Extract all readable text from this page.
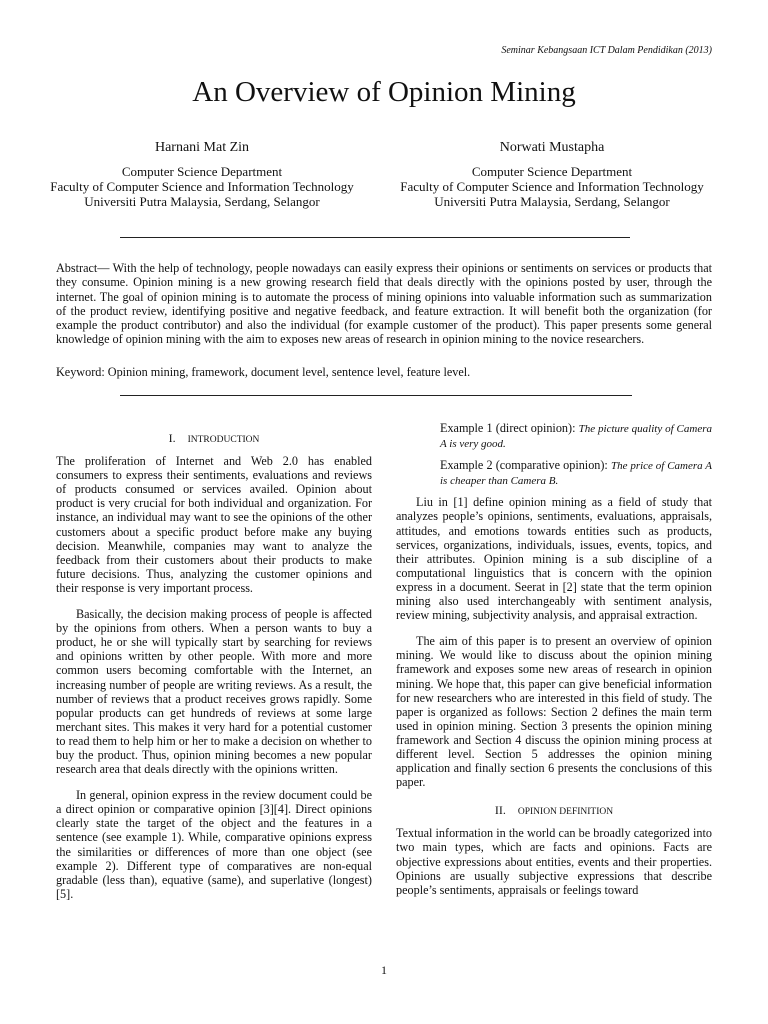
Seminar Kebangsaan ICT Dalam Pendidikan (2013)
An Overview of Opinion Mining
Harnani Mat Zin
Computer Science Department
Faculty of Computer Science and Information Technology
Universiti Putra Malaysia, Serdang, Selangor
Norwati Mustapha
Computer Science Department
Faculty of Computer Science and Information Technology
Universiti Putra Malaysia, Serdang, Selangor
Abstract— With the help of technology, people nowadays can easily express their opinions or sentiments on services or products that they consume. Opinion mining is a new growing research field that deals directly with the opinions posted by user, through the internet. The goal of opinion mining is to automate the process of mining opinions into valuable information such as summarization of the product review, identifying positive and negative feedback, and feature extraction. It will benefit both the organization (for example the product contributor) and also the individual (for example customer of the product). This paper presents some general knowledge of opinion mining with the aim to exposes new areas of research in opinion mining to the novice researchers.
Keyword: Opinion mining, framework, document level, sentence level, feature level.
I. INTRODUCTION

The proliferation of Internet and Web 2.0 has enabled consumers to express their sentiments, evaluations and reviews of products consumed or services availed. Opinion about product is very crucial for both individual and organization. For instance, an individual may want to see the opinions of the other customers about a specific product before make any buying decision. Meanwhile, companies may want to analyze the feedback from their customers about their products to make future decisions. Thus, analyzing the customer opinions and their response is very important process.

Basically, the decision making process of people is affected by the opinions from others. When a person wants to buy a product, he or she will typically start by searching for reviews and opinions written by other people. With more and more common users becoming comfortable with the Internet, an increasing number of people are writing reviews. As a result, the number of reviews that a product receives grows rapidly. Some popular products can get hundreds of reviews at some large merchant sites. This makes it very hard for a potential customer to read them to help him or her to make a decision on whether to buy the product. Thus, opinion mining becomes a new popular research area that deals directly with the opinions written.

In general, opinion express in the review document could be a direct opinion or comparative opinion [3][4]. Direct opinions clearly state the target of the object and the features in a sentence (see example 1). While, comparative opinions express the similarities or differences of more than one object (see example 2). Different type of comparatives are non-equal gradable (less than), equative (same), and superlative (longest) [5].

Example 1 (direct opinion): The picture quality of Camera A is very good.

Example 2 (comparative opinion): The price of Camera A is cheaper than Camera B.

Liu in [1] define opinion mining as a field of study that analyzes people’s opinions, sentiments, evaluations, appraisals, attitudes, and emotions towards entities such as products, services, organizations, individuals, issues, events, topics, and their attributes. Opinion mining is a sub discipline of a computational linguistics that is concern with the opinion express in a document. Seerat in [2] state that the term opinion mining also used interchangeably with sentiment analysis, review mining, subjectivity analysis, and appraisal extraction.

The aim of this paper is to present an overview of opinion mining. We would like to discuss about the opinion mining framework and exposes some new areas of research in opinion mining. We hope that, this paper can give beneficial information for new researchers who are interested in this field of study. The paper is organized as follows: Section 2 defines the main term used in opinion mining. Section 3 presents the opinion mining framework and Section 4 discuss the opinion mining process at different level. Section 5 addresses the opinion mining application and finally section 6 presents the conclusions of this paper.

II. OPINION DEFINITION

Textual information in the world can be broadly categorized into two main types, which are facts and opinions. Facts are objective expressions about entities, events and their properties. Opinions are usually subjective expressions that describe people’s sentiments, appraisals or feelings toward

1
